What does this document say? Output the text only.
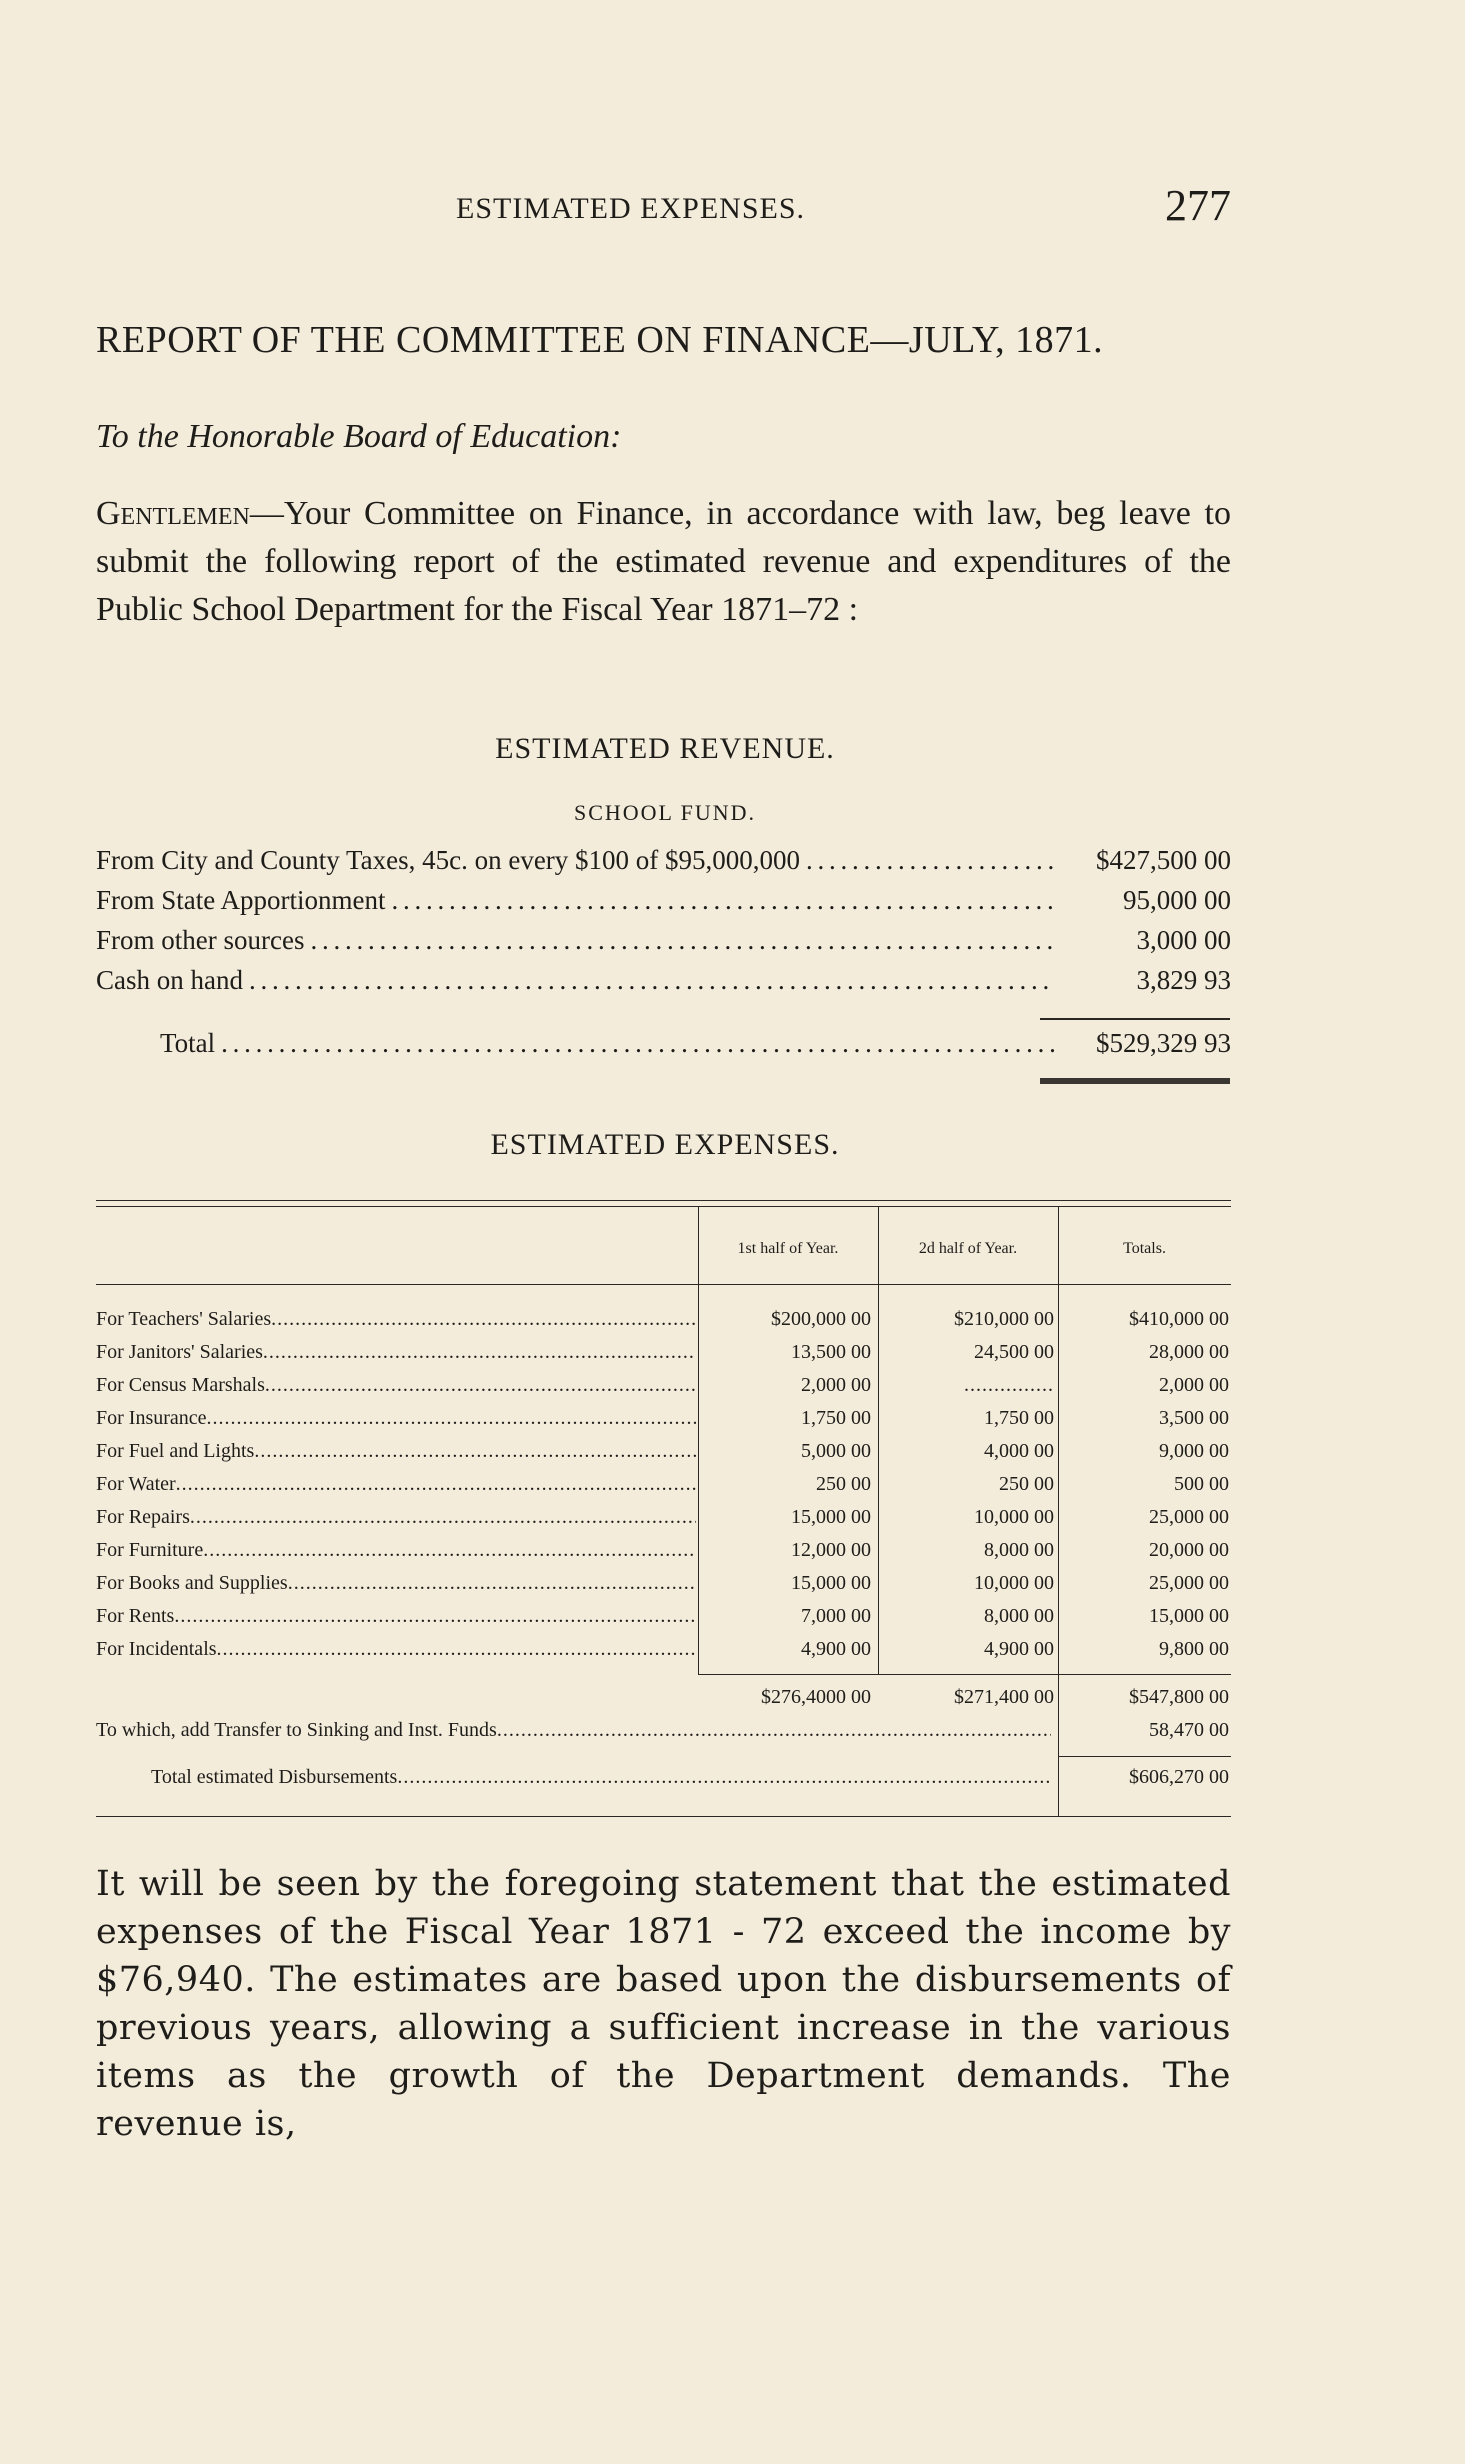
ESTIMATED EXPENSES.	277
REPORT OF THE COMMITTEE ON FINANCE—JULY, 1871.
To the Honorable Board of Education:
Gentlemen—Your Committee on Finance, in accordance with law, beg leave to submit the following report of the estimated revenue and expenditures of the Public School Department for the Fiscal Year 1871–72 :
ESTIMATED REVENUE.
SCHOOL FUND.
From City and County Taxes, 45c. on every $100 of $95,000,000 . . .	$427,500 00
From State Apportionment . . .	95,000 00
From other sources . . .	3,000 00
Cash on hand . . .	3,829 93
Total . . .	$529,329 93
ESTIMATED EXPENSES.
1st half of Year.	2d half of Year.	Totals.
For Teachers' Salaries .....	$200,000 00	$210,000 00	$410,000 00
For Janitors' Salaries .....	13,500 00	24,500 00	28,000 00
For Census Marshals .....	2,000 00	...............	2,000 00
For Insurance .....	1,750 00	1,750 00	3,500 00
For Fuel and Lights .....	5,000 00	4,000 00	9,000 00
For Water .....	250 00	250 00	500 00
For Repairs .....	15,000 00	10,000 00	25,000 00
For Furniture .....	12,000 00	8,000 00	20,000 00
For Books and Supplies .....	15,000 00	10,000 00	25,000 00
For Rents .....	7,000 00	8,000 00	15,000 00
For Incidentals .....	4,900 00	4,900 00	9,800 00
$276,4000 00	$271,400 00	$547,800 00
To which, add Transfer to Sinking and Inst. Funds .....	58,470 00
Total estimated Disbursements .....	$606,270 00
It will be seen by the foregoing statement that the estimated expenses of the Fiscal Year 1871 - 72 exceed the income by $76,940. The estimates are based upon the disbursements of previous years, allowing a sufficient increase in the various items as the growth of the Department demands. The revenue is,
